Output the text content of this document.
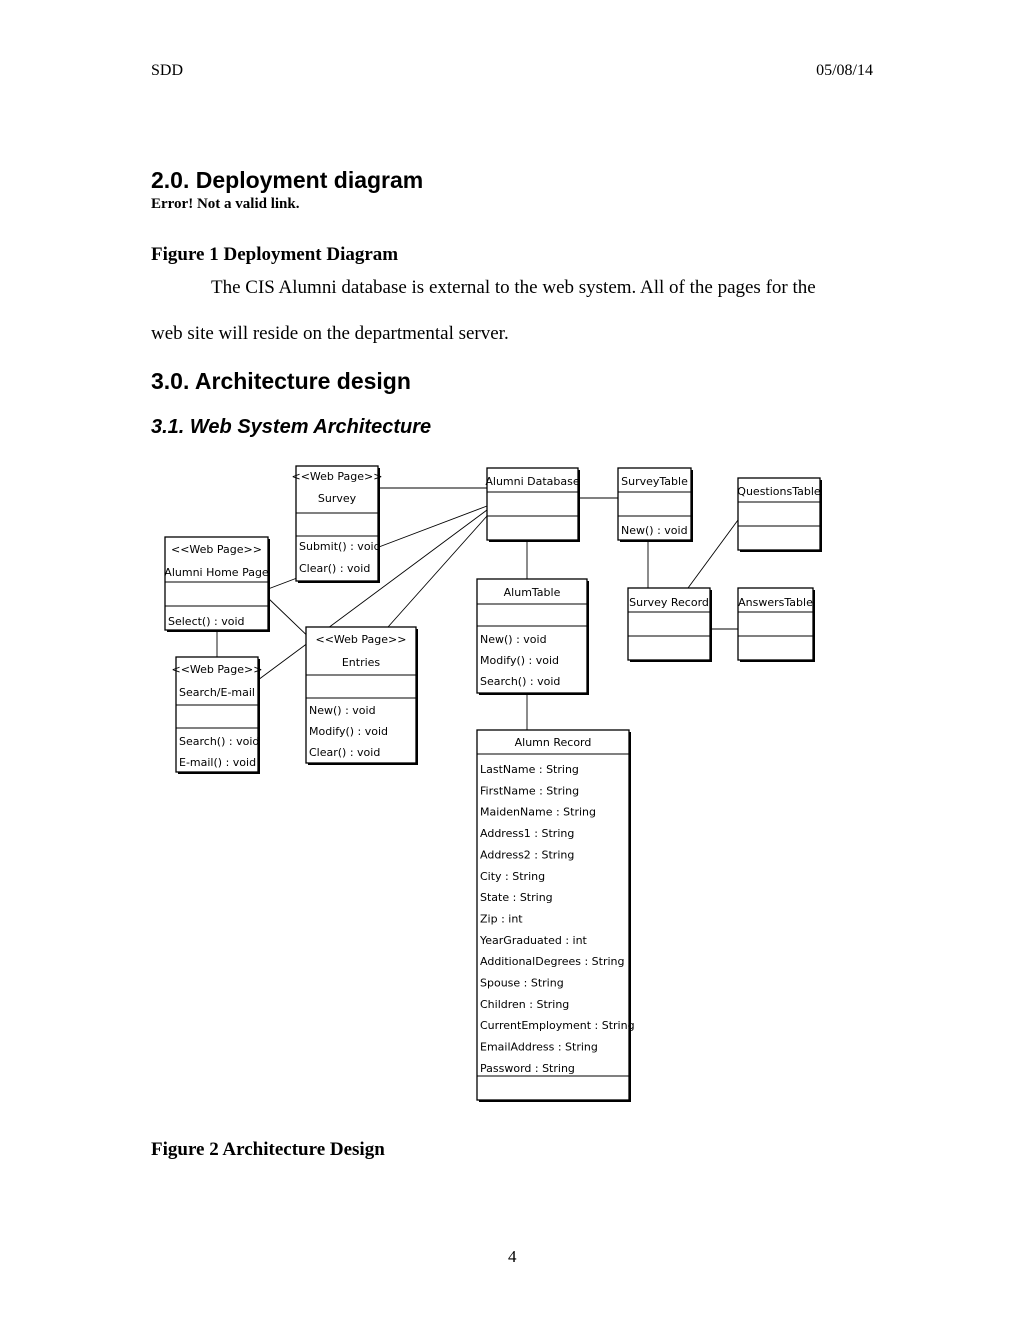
SDD	05/08/14
2.0. Deployment diagram
Error! Not a valid link.
Figure 1 Deployment Diagram
The CIS Alumni database is external to the web system. All of the pages for the
web site will reside on the departmental server.
3.0. Architecture design
3.1. Web System Architecture
<<Web Page>>
Survey
Submit() : void
Clear() : void
<<Web Page>>
Alumni Home Page
Select() : void
<<Web Page>>
Search/E-mail
Search() : void
E-mail() : void
<<Web Page>>
Entries
New() : void
Modify() : void
Clear() : void
Alumni Database	SurveyTable
New() : void
QuestionsTable
Survey Record	AnswersTable
AlumTable
New() : void
Modify() : void
Search() : void
Alumn Record
LastName : String
FirstName : String
MaidenName : String
Address1 : String
Address2 : String
City : String
State : String
Zip : int
YearGraduated : int
AdditionalDegrees : String
Spouse : String
Children : String
CurrentEmployment : String
EmailAddress : String
Password : String
Figure 2 Architecture Design
4
